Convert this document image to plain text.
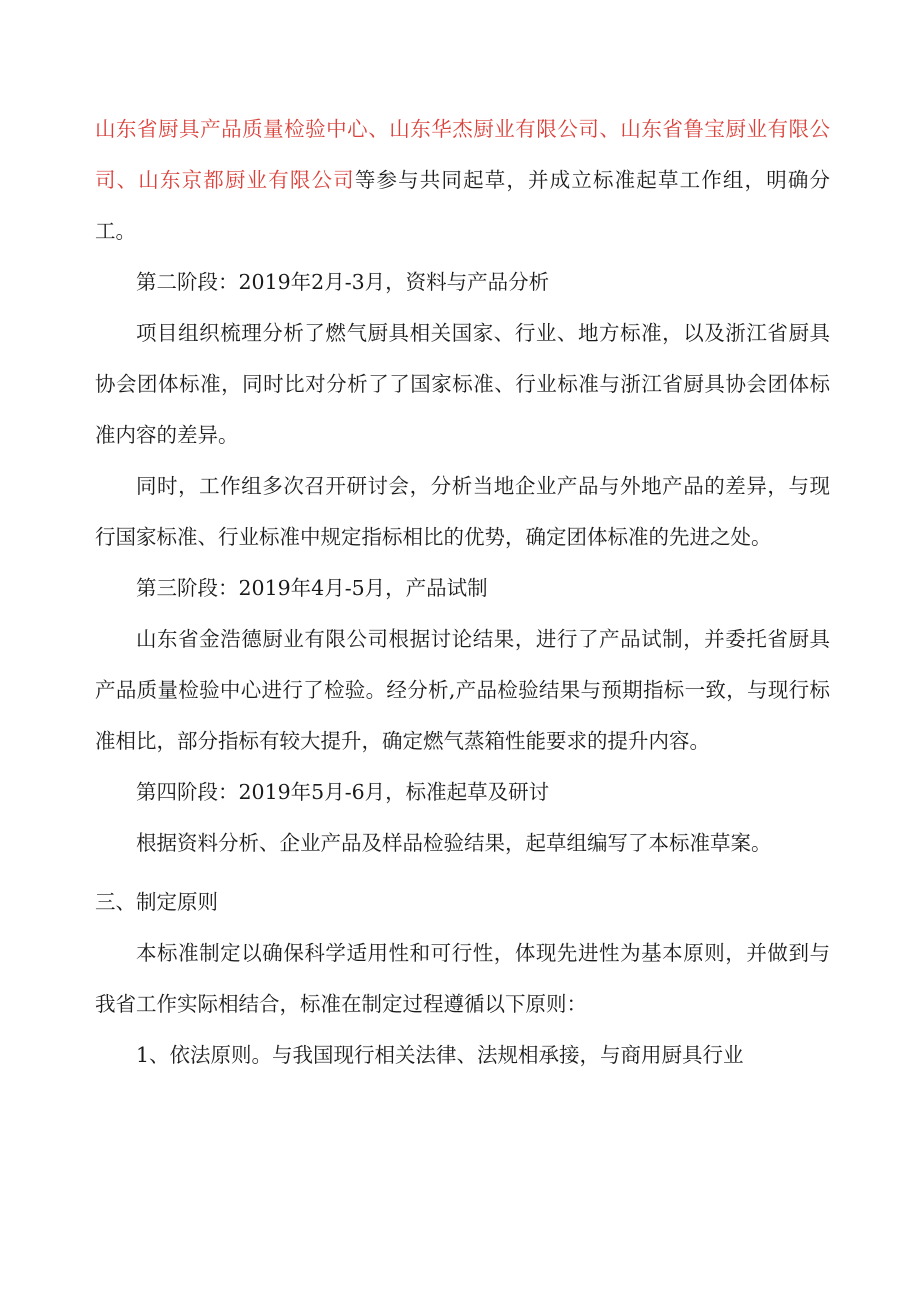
山东省厨具产品质量检验中心、山东华杰厨业有限公司、山东省鲁宝厨业有限公司、山东京都厨业有限公司等参与共同起草，并成立标准起草工作组，明确分工。

第二阶段：2019年2月-3月，资料与产品分析

项目组织梳理分析了燃气厨具相关国家、行业、地方标准，以及浙江省厨具协会团体标准，同时比对分析了了国家标准、行业标准与浙江省厨具协会团体标准内容的差异。

同时，工作组多次召开研讨会，分析当地企业产品与外地产品的差异，与现行国家标准、行业标准中规定指标相比的优势，确定团体标准的先进之处。

第三阶段：2019年4月-5月，产品试制

山东省金浩德厨业有限公司根据讨论结果，进行了产品试制，并委托省厨具产品质量检验中心进行了检验。经分析,产品检验结果与预期指标一致，与现行标准相比，部分指标有较大提升，确定燃气蒸箱性能要求的提升内容。

第四阶段：2019年5月-6月，标准起草及研讨

根据资料分析、企业产品及样品检验结果，起草组编写了本标准草案。

三、制定原则

本标准制定以确保科学适用性和可行性，体现先进性为基本原则，并做到与我省工作实际相结合，标准在制定过程遵循以下原则：

1、依法原则。与我国现行相关法律、法规相承接，与商用厨具行业
